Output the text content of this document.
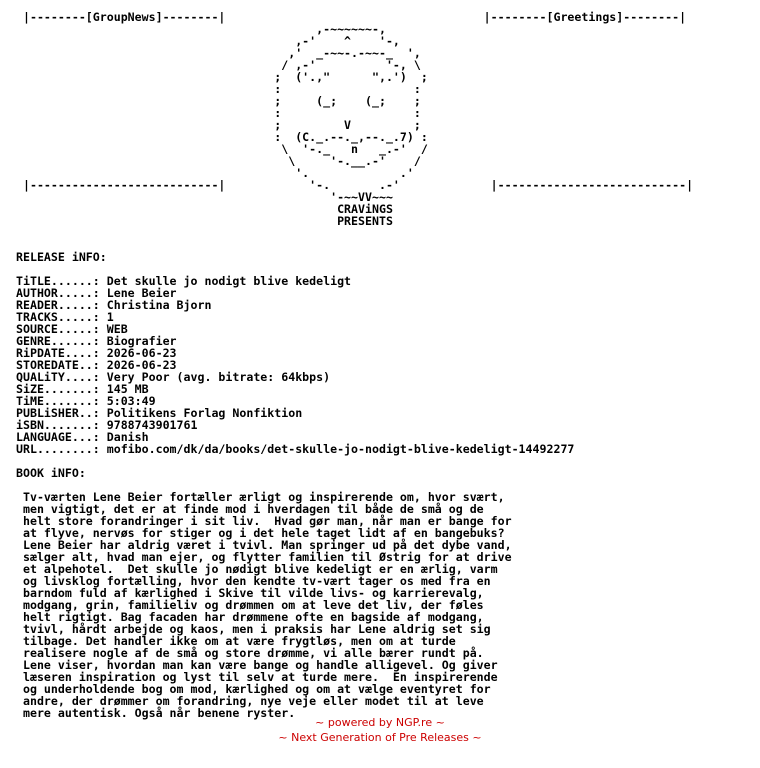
|--------[GroupNews]--------|                                     |--------[Greetings]--------|
,-~~~~~~-,
,-'    ^    '-,
,'  _-~~-.-~~-_  ',
/ ,-'          '-, \
;  ('.,"      ",.')  ;
:                   :
;     (_;    (_;    ;
:                   :
;         V         ;
:  (C._.--._,--._.7) :
\  '-._   n   _.-'  /
\     '-.__.-'    /
'.             .'
|---------------------------|            '-.       .-'             |---------------------------|
'-~~VV~~~
CRAViNGS
PRESENTS

RELEASE iNFO:

TiTLE......: Det skulle jo nodigt blive kedeligt
AUTHOR.....: Lene Beier
READER.....: Christina Bjorn
TRACKS.....: 1
SOURCE.....: WEB
GENRE......: Biografier
RiPDATE....: 2026-06-23
STOREDATE..: 2026-06-23
QUALiTY....: Very Poor (avg. bitrate: 64kbps)
SiZE.......: 145 MB
TiME.......: 5:03:49
PUBLiSHER..: Politikens Forlag Nonfiktion
iSBN.......: 9788743901761
LANGUAGE...: Danish
URL........: mofibo.com/dk/da/books/det-skulle-jo-nodigt-blive-kedeligt-14492277

BOOK iNFO:

Tv-værten Lene Beier fortæller ærligt og inspirerende om, hvor svært,
men vigtigt, det er at finde mod i hverdagen til både de små og de
helt store forandringer i sit liv.  Hvad gør man, når man er bange for
at flyve, nervøs for stiger og i det hele taget lidt af en bangebuks?
Lene Beier har aldrig været i tvivl. Man springer ud på det dybe vand,
sælger alt, hvad man ejer, og flytter familien til Østrig for at drive
et alpehotel.  Det skulle jo nødigt blive kedeligt er en ærlig, varm
og livsklog fortælling, hvor den kendte tv-vært tager os med fra en
barndom fuld af kærlighed i Skive til vilde livs- og karrierevalg,
modgang, grin, familieliv og drømmen om at leve det liv, der føles
helt rigtigt. Bag facaden har drømmene ofte en bagside af modgang,
tvivl, hårdt arbejde og kaos, men i praksis har Lene aldrig set sig
tilbage. Det handler ikke om at være frygtløs, men om at turde
realisere nogle af de små og store drømme, vi alle bærer rundt på.
Lene viser, hvordan man kan være bange og handle alligevel. Og giver
læseren inspiration og lyst til selv at turde mere.  En inspirerende
og underholdende bog om mod, kærlighed og om at vælge eventyret for
andre, der drømmer om forandring, nye veje eller modet til at leve
mere autentisk. Også når benene ryster.
~ powered by NGP.re ~
~ Next Generation of Pre Releases ~
